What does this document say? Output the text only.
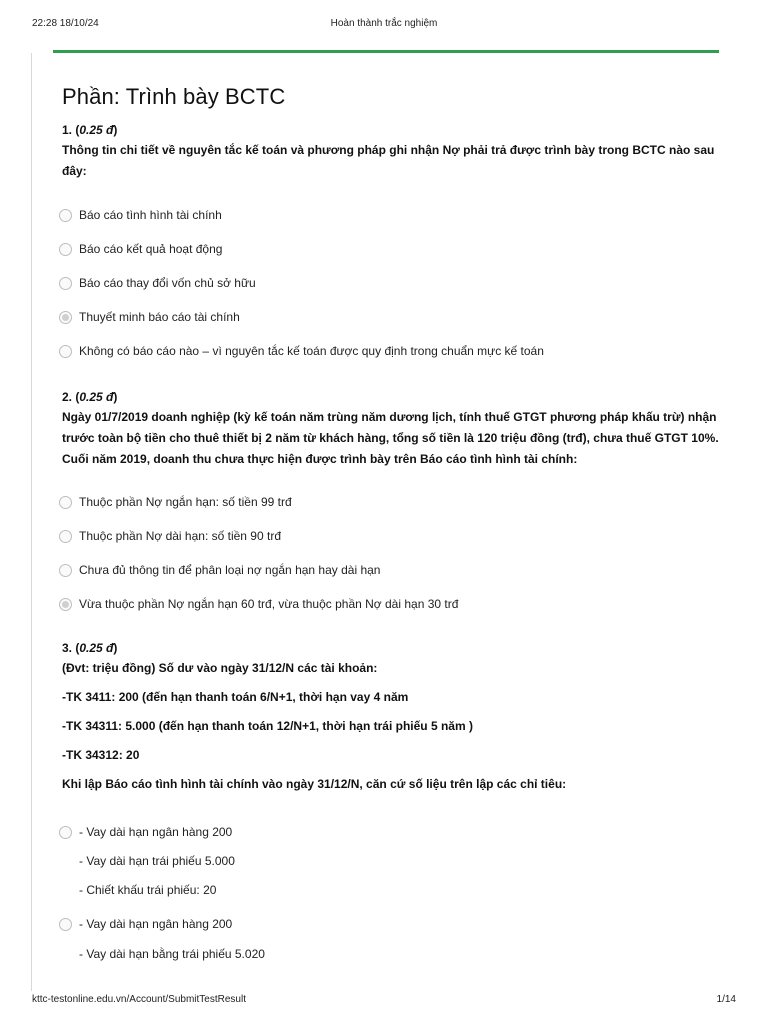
22:28 18/10/24	Hoàn thành trắc nghiệm
Phần: Trình bày BCTC
1. (0.25 đ)
Thông tin chi tiết về nguyên tắc kế toán và phương pháp ghi nhận Nợ phải trả được trình bày trong BCTC nào sau đây:
Báo cáo tình hình tài chính
Báo cáo kết quả hoạt động
Báo cáo thay đổi vốn chủ sở hữu
Thuyết minh báo cáo tài chính
Không có báo cáo nào – vì nguyên tắc kế toán được quy định trong chuẩn mực kế toán
2. (0.25 đ)
Ngày 01/7/2019 doanh nghiệp (kỳ kế toán năm trùng năm dương lịch, tính thuế GTGT phương pháp khấu trừ) nhận trước toàn bộ tiền cho thuê thiết bị 2 năm từ khách hàng, tổng số tiền là 120 triệu đồng (trđ), chưa thuế GTGT 10%. Cuối năm 2019, doanh thu chưa thực hiện được trình bày trên Báo cáo tình hình tài chính:
Thuộc phần Nợ ngắn hạn: số tiền 99 trđ
Thuộc phần Nợ dài hạn: số tiền 90 trđ
Chưa đủ thông tin để phân loại nợ ngắn hạn hay dài hạn
Vừa thuộc phần Nợ ngắn hạn 60 trđ, vừa thuộc phần Nợ dài hạn 30 trđ
3. (0.25 đ)
(Đvt: triệu đồng) Số dư vào ngày 31/12/N các tài khoản:
-TK 3411: 200 (đến hạn thanh toán 6/N+1, thời hạn vay 4 năm
-TK 34311: 5.000 (đến hạn thanh toán 12/N+1, thời hạn trái phiếu 5 năm )
-TK 34312: 20
Khi lập Báo cáo tình hình tài chính vào ngày 31/12/N, căn cứ số liệu trên lập các chỉ tiêu:
- Vay dài hạn ngân hàng 200
- Vay dài hạn trái phiếu 5.000
- Chiết khấu trái phiếu: 20
- Vay dài hạn ngân hàng 200
- Vay dài hạn bằng trái phiếu 5.020
kttc-testonline.edu.vn/Account/SubmitTestResult	1/14
